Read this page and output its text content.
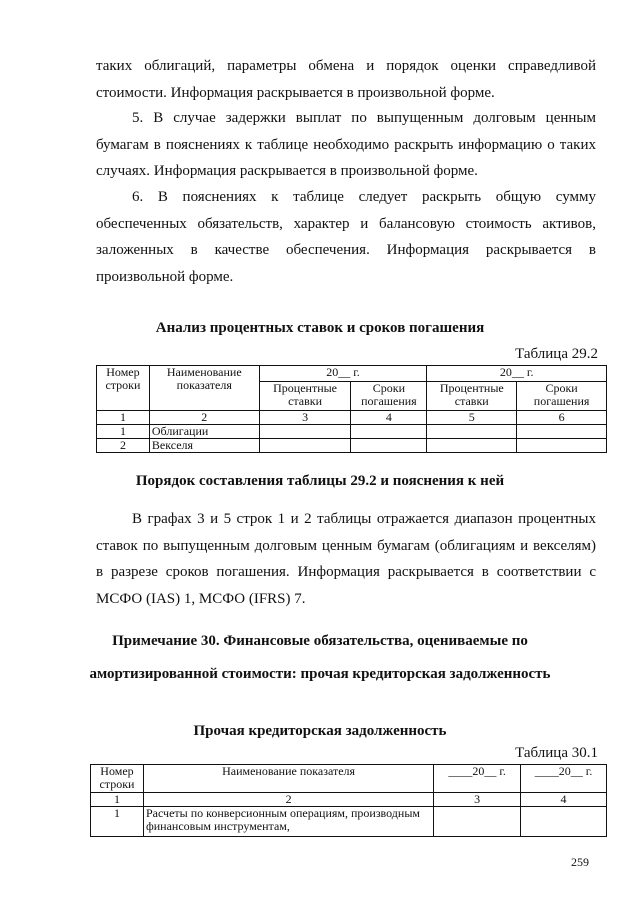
таких облигаций, параметры обмена и порядок оценки справедливой стоимости. Информация раскрывается в произвольной форме.

5. В случае задержки выплат по выпущенным долговым ценным бумагам в пояснениях к таблице необходимо раскрыть информацию о таких случаях. Информация раскрывается в произвольной форме.

6. В пояснениях к таблице следует раскрыть общую сумму обеспеченных обязательств, характер и балансовую стоимость активов, заложенных в качестве обеспечения. Информация раскрывается в произвольной форме.

Анализ процентных ставок и сроков погашения

Таблица 29.2

Номер строки	Наименование показателя	20__ г.		20__ г.	
		Процентные ставки	Сроки погашения	Процентные ставки	Сроки погашения
1	2	3	4	5	6
1	Облигации				
2	Векселя				

Порядок составления таблицы 29.2 и пояснения к ней

В графах 3 и 5 строк 1 и 2 таблицы отражается диапазон процентных ставок по выпущенным долговым ценным бумагам (облигациям и векселям) в разрезе сроков погашения. Информация раскрывается в соответствии с МСФО (IAS) 1, МСФО (IFRS) 7.

Примечание 30. Финансовые обязательства, оцениваемые по

амортизированной стоимости: прочая кредиторская задолженность

Прочая кредиторская задолженность

Таблица 30.1

Номер строки	Наименование показателя	____20__ г.	____20__ г.
1	2	3	4
1	Расчеты по конверсионным операциям, производным финансовым инструментам,		
259
